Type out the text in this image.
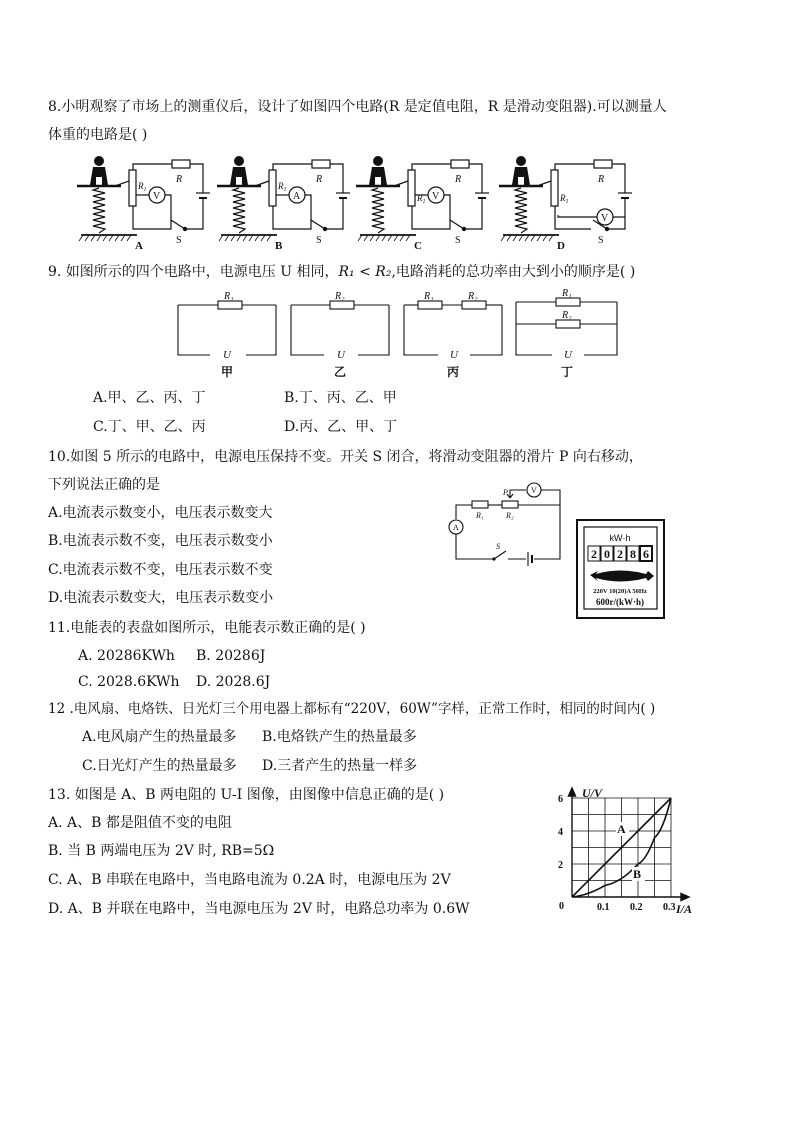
8.小明观察了市场上的测重仪后，设计了如图四个电路(R 是定值电阻，R 是滑动变阻器).可以测量人
体重的电路是( )
V
R
$R_1$
S
A
A
R
$R_1$
S
B
V
R
$R_1$
S
C
V
R
$R_1$
S
D
9. 如图所示的四个电路中，电源电压 U 相同，R₁ < R₂,电路消耗的总功率由大到小的顺序是( )
R₁	R₂	R₁	R₂	R₁
R₂
U	U	U	U
甲	乙	丙	丁
A.甲、乙、丙、丁	B.丁、丙、乙、甲
C.丁、甲、乙、丙	D.丙、乙、甲、丁
10.如图 5 所示的电路中，电源电压保持不变。开关 S 闭合，将滑动变阻器的滑片 P 向右移动，
下列说法正确的是
A.电流表示数变小，电压表示数变大
B.电流表示数不变，电压表示数变小
C.电流表示数不变，电压表示数不变
D.电流表示数变大，电压表示数变小
R₁	R₂
P
S
V
A
kW·h
2 0 2 8 6
220V 10(20)A 50Hz
600r/(kW·h)
11.电能表的表盘如图所示，电能表示数正确的是( )
A. 20286KWh B. 20286J
C. 2028.6KWh D. 2028.6J
12 .电风扇、电烙铁、日光灯三个用电器上都标有“220V，60W”字样，正常工作时，相同的时间内( )
A.电风扇产生的热量最多 B.电烙铁产生的热量最多
C.日光灯产生的热量最多 D.三者产生的热量一样多
13. 如图是 A、B 两电阻的 U-I 图像，由图像中信息正确的是( )
A. A、B 都是阻值不变的电阻
B. 当 B 两端电压为 2V 时, RB=5Ω
C. A、B 串联在电路中，当电路电流为 0.2A 时，电源电压为 2V
D. A、B 并联在电路中，当电源电压为 2V 时，电路总功率为 0.6W	0.1 0.2 0.3
2
4
6 U/V
I/A
0
A
B
